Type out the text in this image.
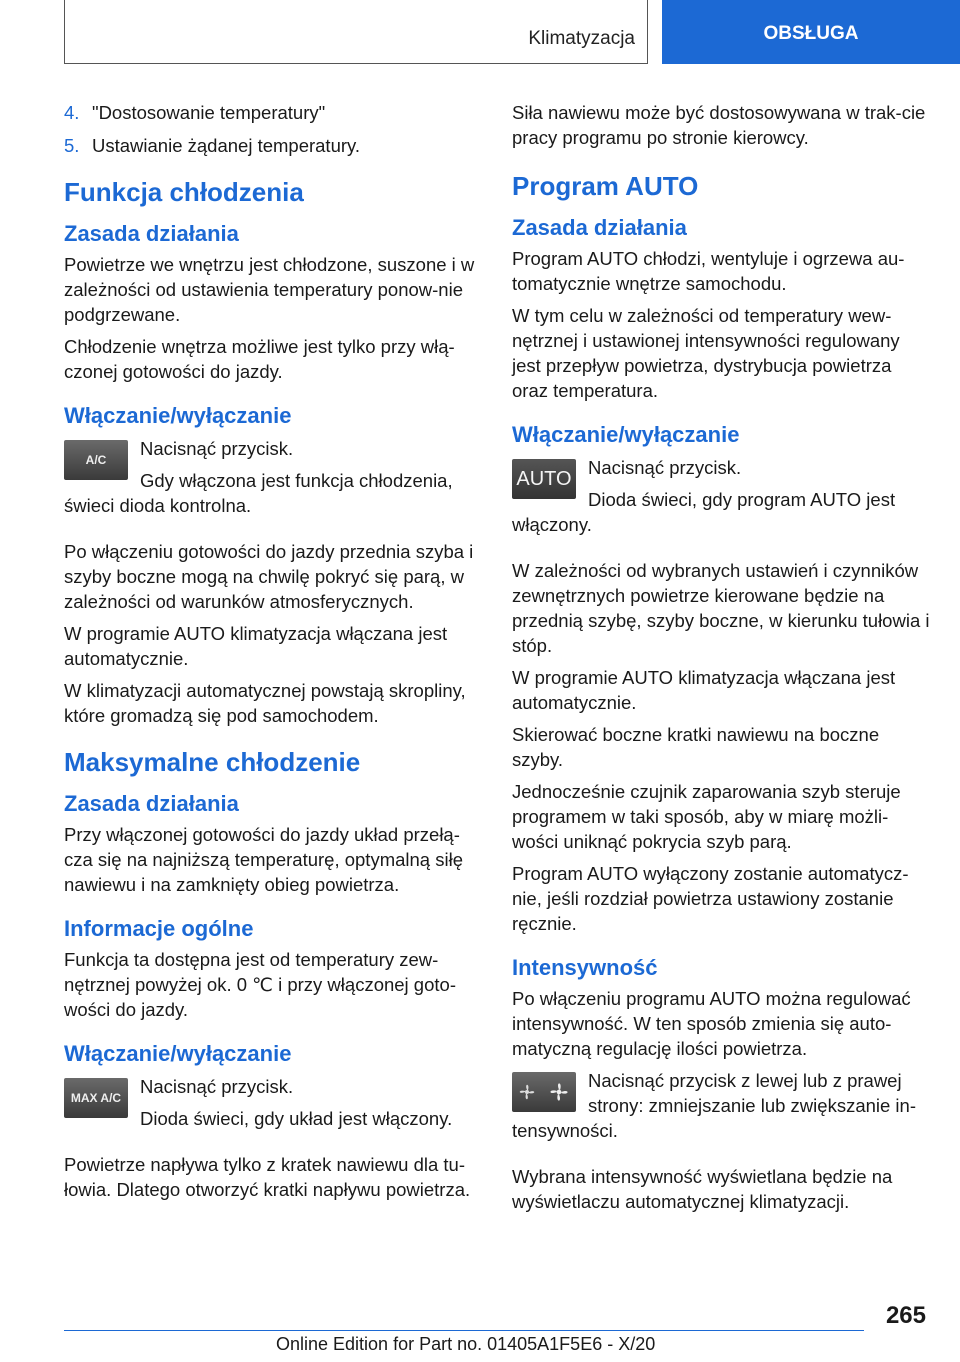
Klimatyzacja	OBSŁUGA
4. "Dostosowanie temperatury"
5. Ustawianie żądanej temperatury.
Funkcja chłodzenia
Zasada działania

Powietrze we wnętrzu jest chłodzone, suszone i w zależności od ustawienia temperatury ponow-nie podgrzewane.

Chłodzenie wnętrza możliwe jest tylko przy włą-czonej gotowości do jazdy.

Włączanie/wyłączanie
A/C

Nacisnąć przycisk.

Gdy włączona jest funkcja chłodzenia, świeci dioda kontrolna.

Po włączeniu gotowości do jazdy przednia szyba i szyby boczne mogą na chwilę pokryć się parą, w zależności od warunków atmosferycznych.

W programie AUTO klimatyzacja włączana jest automatycznie.

W klimatyzacji automatycznej powstają skropliny, które gromadzą się pod samochodem.

Maksymalne chłodzenie
Zasada działania

Przy włączonej gotowości do jazdy układ przełą-cza się na najniższą temperaturę, optymalną siłę nawiewu i na zamknięty obieg powietrza.

Informacje ogólne

Funkcja ta dostępna jest od temperatury zew-nętrznej powyżej ok. 0 ℃ i przy włączonej goto-wości do jazdy.

Włączanie/wyłączanie
MAX A/C

Nacisnąć przycisk.

Dioda świeci, gdy układ jest włączony.

Powietrze napływa tylko z kratek nawiewu dla tu-łowia. Dlatego otworzyć kratki napływu powietrza.

Siła nawiewu może być dostosowywana w trak-cie pracy programu po stronie kierowcy.

Program AUTO
Zasada działania

Program AUTO chłodzi, wentyluje i ogrzewa au-tomatycznie wnętrze samochodu.

W tym celu w zależności od temperatury wew-nętrznej i ustawionej intensywności regulowany jest przepływ powietrza, dystrybucja powietrza oraz temperatura.

Włączanie/wyłączanie
AUTO Nacisnąć przycisk.

Dioda świeci, gdy program AUTO jest włączony.

W zależności od wybranych ustawień i czynników zewnętrznych powietrze kierowane będzie na przednią szybę, szyby boczne, w kierunku tułowia i stóp.

W programie AUTO klimatyzacja włączana jest automatycznie.

Skierować boczne kratki nawiewu na boczne szyby.

Jednocześnie czujnik zaparowania szyb steruje programem w taki sposób, aby w miarę możli-wości uniknąć pokrycia szyb parą.

Program AUTO wyłączony zostanie automatycz-nie, jeśli rozdział powietrza ustawiony zostanie ręcznie.

Intensywność

Po włączeniu programu AUTO można regulować intensywność. W ten sposób zmienia się auto-matyczną regulację ilości powietrza.

Nacisnąć przycisk z lewej lub z prawej strony: zmniejszanie lub zwiększanie in-tensywności.

Wybrana intensywność wyświetlana będzie na wyświetlaczu automatycznej klimatyzacji.

265
Online Edition for Part no. 01405A1F5E6 - X/20
